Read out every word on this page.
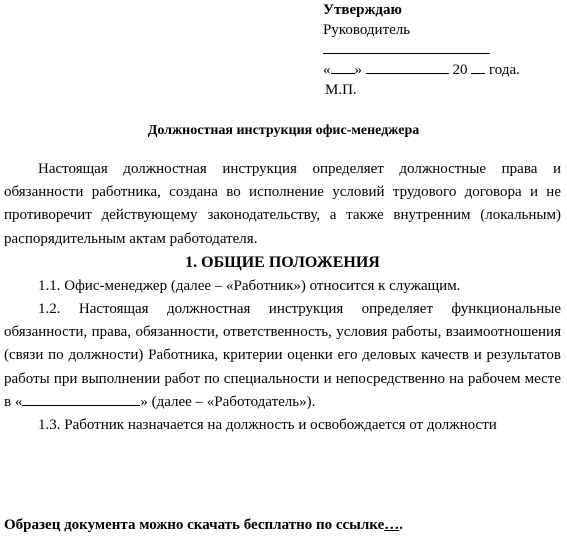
Утверждаю
Руководитель
« »	20 года.
М.П.
Должностная инструкция офис-менеджера

Настоящая должностная инструкция определяет должностные права и обязанности работника, создана во исполнение условий трудового договора и не противоречит действующему законодательству, а также внутренним (локальным) распорядительным актам работодателя.

1. ОБЩИЕ ПОЛОЖЕНИЯ

1.1. Офис-менеджер (далее – «Работник») относится к служащим.

1.2. Настоящая должностная инструкция определяет функциональные обязанности, права, обязанности, ответственность, условия работы, взаимоотношения (связи по должности) Работника, критерии оценки его деловых качеств и результатов работы при выполнении работ по специальности и непосредственно на рабочем месте в «	» (далее – «Работодатель»).

1.3. Работник назначается на должность и освобождается от должности

Образец документа можно скачать бесплатно по ссылке….
